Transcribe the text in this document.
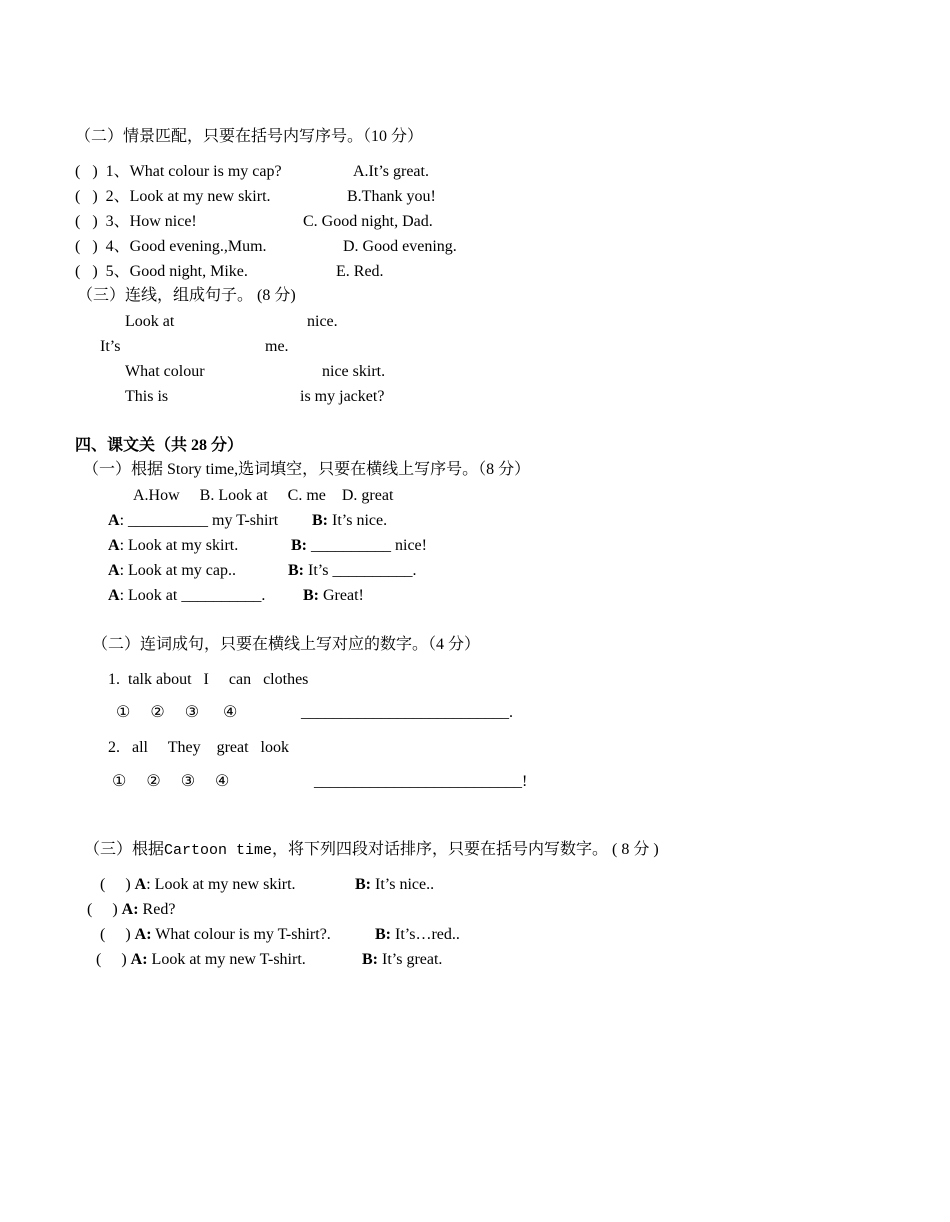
（二）情景匹配，只要在括号内写序号。（10 分）
(   )  1、What colour is my cap?	A.It’s great.
(   )  2、Look at my new skirt.	B.Thank you!
(   )  3、How nice!	C. Good night, Dad.
(   )  4、Good evening.,Mum.	D. Good evening.
(   )  5、Good night, Mike.	E. Red.
（三）连线，组成句子。 (8 分)
Look at	nice.
It’s	me.
What colour	nice skirt.
This is	is my jacket?
四、课文关（共 28 分）
（一）根据 Story time,选词填空，只要在横线上写序号。（8 分）
A.How     B. Look at     C. me    D. great
A: __________ my T-shirt B: It’s nice.
A: Look at my skirt.	B: __________ nice!
A: Look at my cap..	B: It’s __________.
A: Look at __________. B: Great!
（二）连词成句，只要在横线上写对应的数字。（4 分）
1.  talk about   I     can   clothes
①     ②     ③      ④	__________________________.
2.   all     They    great   look
①     ②     ③     ④	__________________________!
（三）根据Cartoon time，将下列四段对话排序，只要在括号内写数字。 ( 8 分 )
(     ) A: Look at my new skirt.	B: It’s nice..
(     ) A: Red?
(     ) A: What colour is my T-shirt?.	B: It’s…red..
(     ) A: Look at my new T-shirt.	B: It’s great.
